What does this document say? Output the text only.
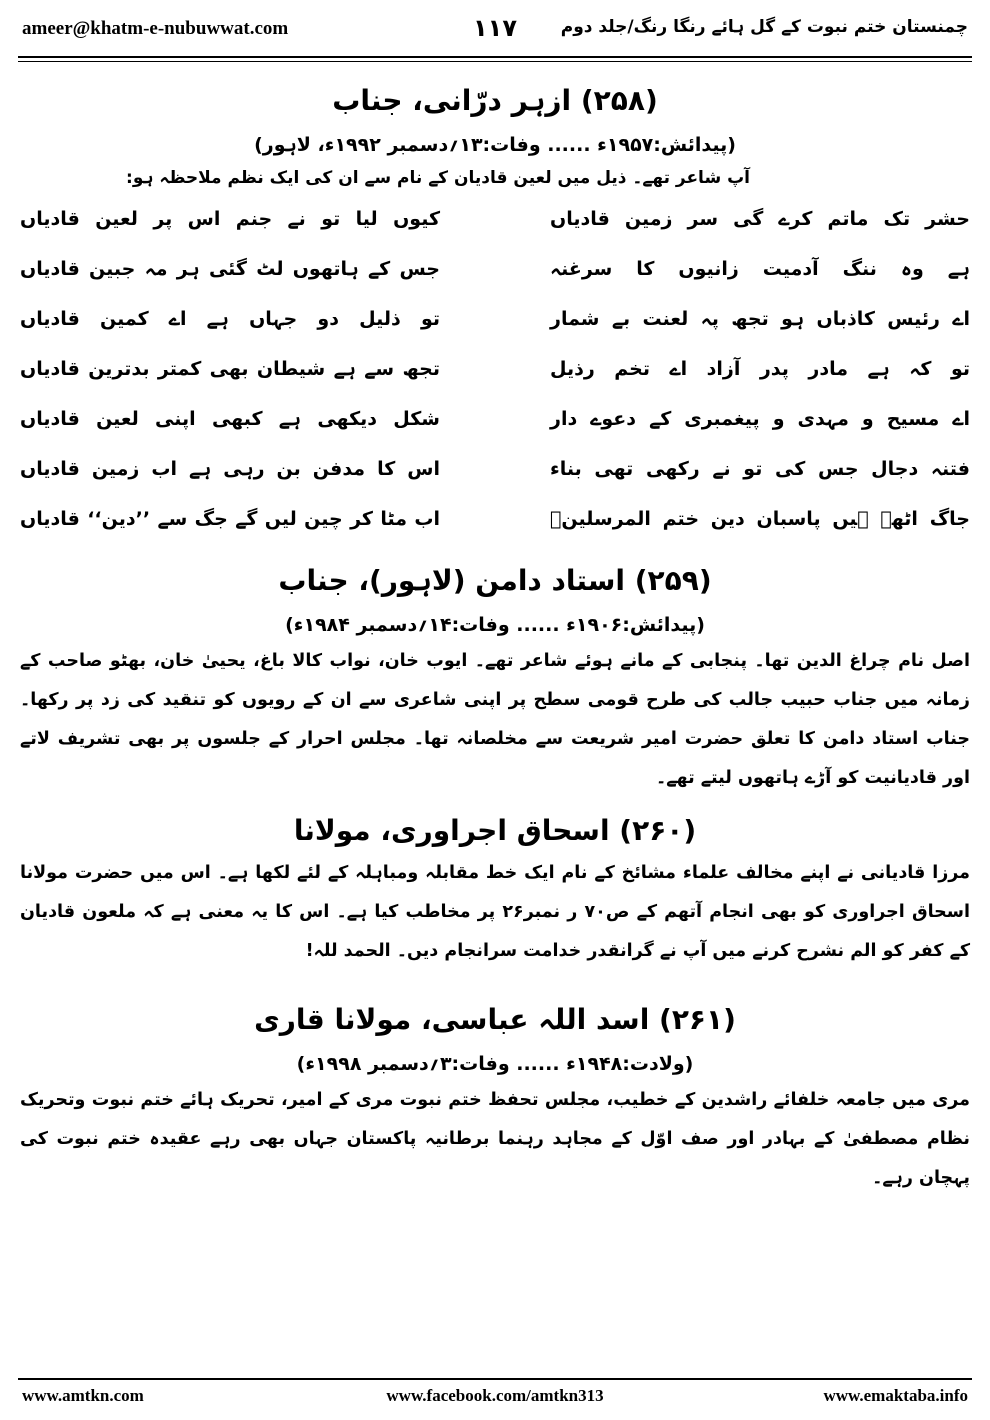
ameer@khatm-e-nubuwwat.com	۱۱۷	چمنستان ختم نبوت کے گل ہائے رنگا رنگ/جلد دوم
(۲۵۸) ازہر درّانی، جناب

(پیدائش:۱۹۵۷ء ...... وفات:۱۳؍دسمبر ۱۹۹۲ء، لاہور)

آپ شاعر تھے۔ ذیل میں لعین قادیان کے نام سے ان کی ایک نظم ملاحظہ ہو:

حشر تک ماتم کرے گی سر زمین قادیاں
کیوں لیا تو نے جنم اس پر لعین قادیاں
ہے وہ ننگ آدمیت زانیوں کا سرغنہ
جس کے ہاتھوں لٹ گئی ہر مہ جبین قادیاں
اے رئیس کاذباں ہو تجھ پہ لعنت بے شمار
تو ذلیل دو جہاں ہے اے کمین قادیاں
تو کہ ہے مادر پدر آزاد اے تخم رذیل
تجھ سے ہے شیطان بھی کمتر بدترین قادیاں
اے مسیح و مہدی و پیغمبری کے دعوے دار
شکل دیکھی ہے کبھی اپنی لعین قادیاں
فتنہ دجال جس کی تو نے رکھی تھی بناء
اس کا مدفن بن رہی ہے اب زمین قادیاں
جاگ اٹھے ہیں پاسبان دین ختم المرسلینؐ
اب مٹا کر چین لیں گے جگ سے ’’دین‘‘ قادیاں
(۲۵۹) استاد دامن (لاہور)، جناب

(پیدائش:۱۹۰۶ء ...... وفات:۱۴؍دسمبر ۱۹۸۴ء)

اصل نام چراغ الدین تھا۔ پنجابی کے مانے ہوئے شاعر تھے۔ ایوب خان، نواب کالا باغ، یحییٰ خان، بھٹو صاحب کے زمانہ میں جناب حبیب جالب کی طرح قومی سطح پر اپنی شاعری سے ان کے رویوں کو تنقید کی زد پر رکھا۔ جناب استاد دامن کا تعلق حضرت امیر شریعت سے مخلصانہ تھا۔ مجلس احرار کے جلسوں پر بھی تشریف لاتے اور قادیانیت کو آڑے ہاتھوں لیتے تھے۔

(۲۶۰) اسحاق اجراوری، مولانا

مرزا قادیانی نے اپنے مخالف علماء مشائخ کے نام ایک خط مقابلہ ومباہلہ کے لئے لکھا ہے۔ اس میں حضرت مولانا اسحاق اجراوری کو بھی انجام آتھم کے ص۷۰ ر نمبر۲۶ پر مخاطب کیا ہے۔ اس کا یہ معنی ہے کہ ملعون قادیان کے کفر کو الم نشرح کرنے میں آپ نے گرانقدر خدامت سرانجام دیں۔ الحمد للہ!

(۲۶۱) اسد اللہ عباسی، مولانا قاری

(ولادت:۱۹۴۸ء ...... وفات:۳؍دسمبر ۱۹۹۸ء)

مری میں جامعہ خلفائے راشدین کے خطیب، مجلس تحفظ ختم نبوت مری کے امیر، تحریک ہائے ختم نبوت وتحریک نظام مصطفیٰ کے بہادر اور صف اوّل کے مجاہد رہنما برطانیہ پاکستان جہاں بھی رہے عقیدہ ختم نبوت کی پہچان رہے۔

www.amtkn.com	www.facebook.com/amtkn313	www.emaktaba.info
